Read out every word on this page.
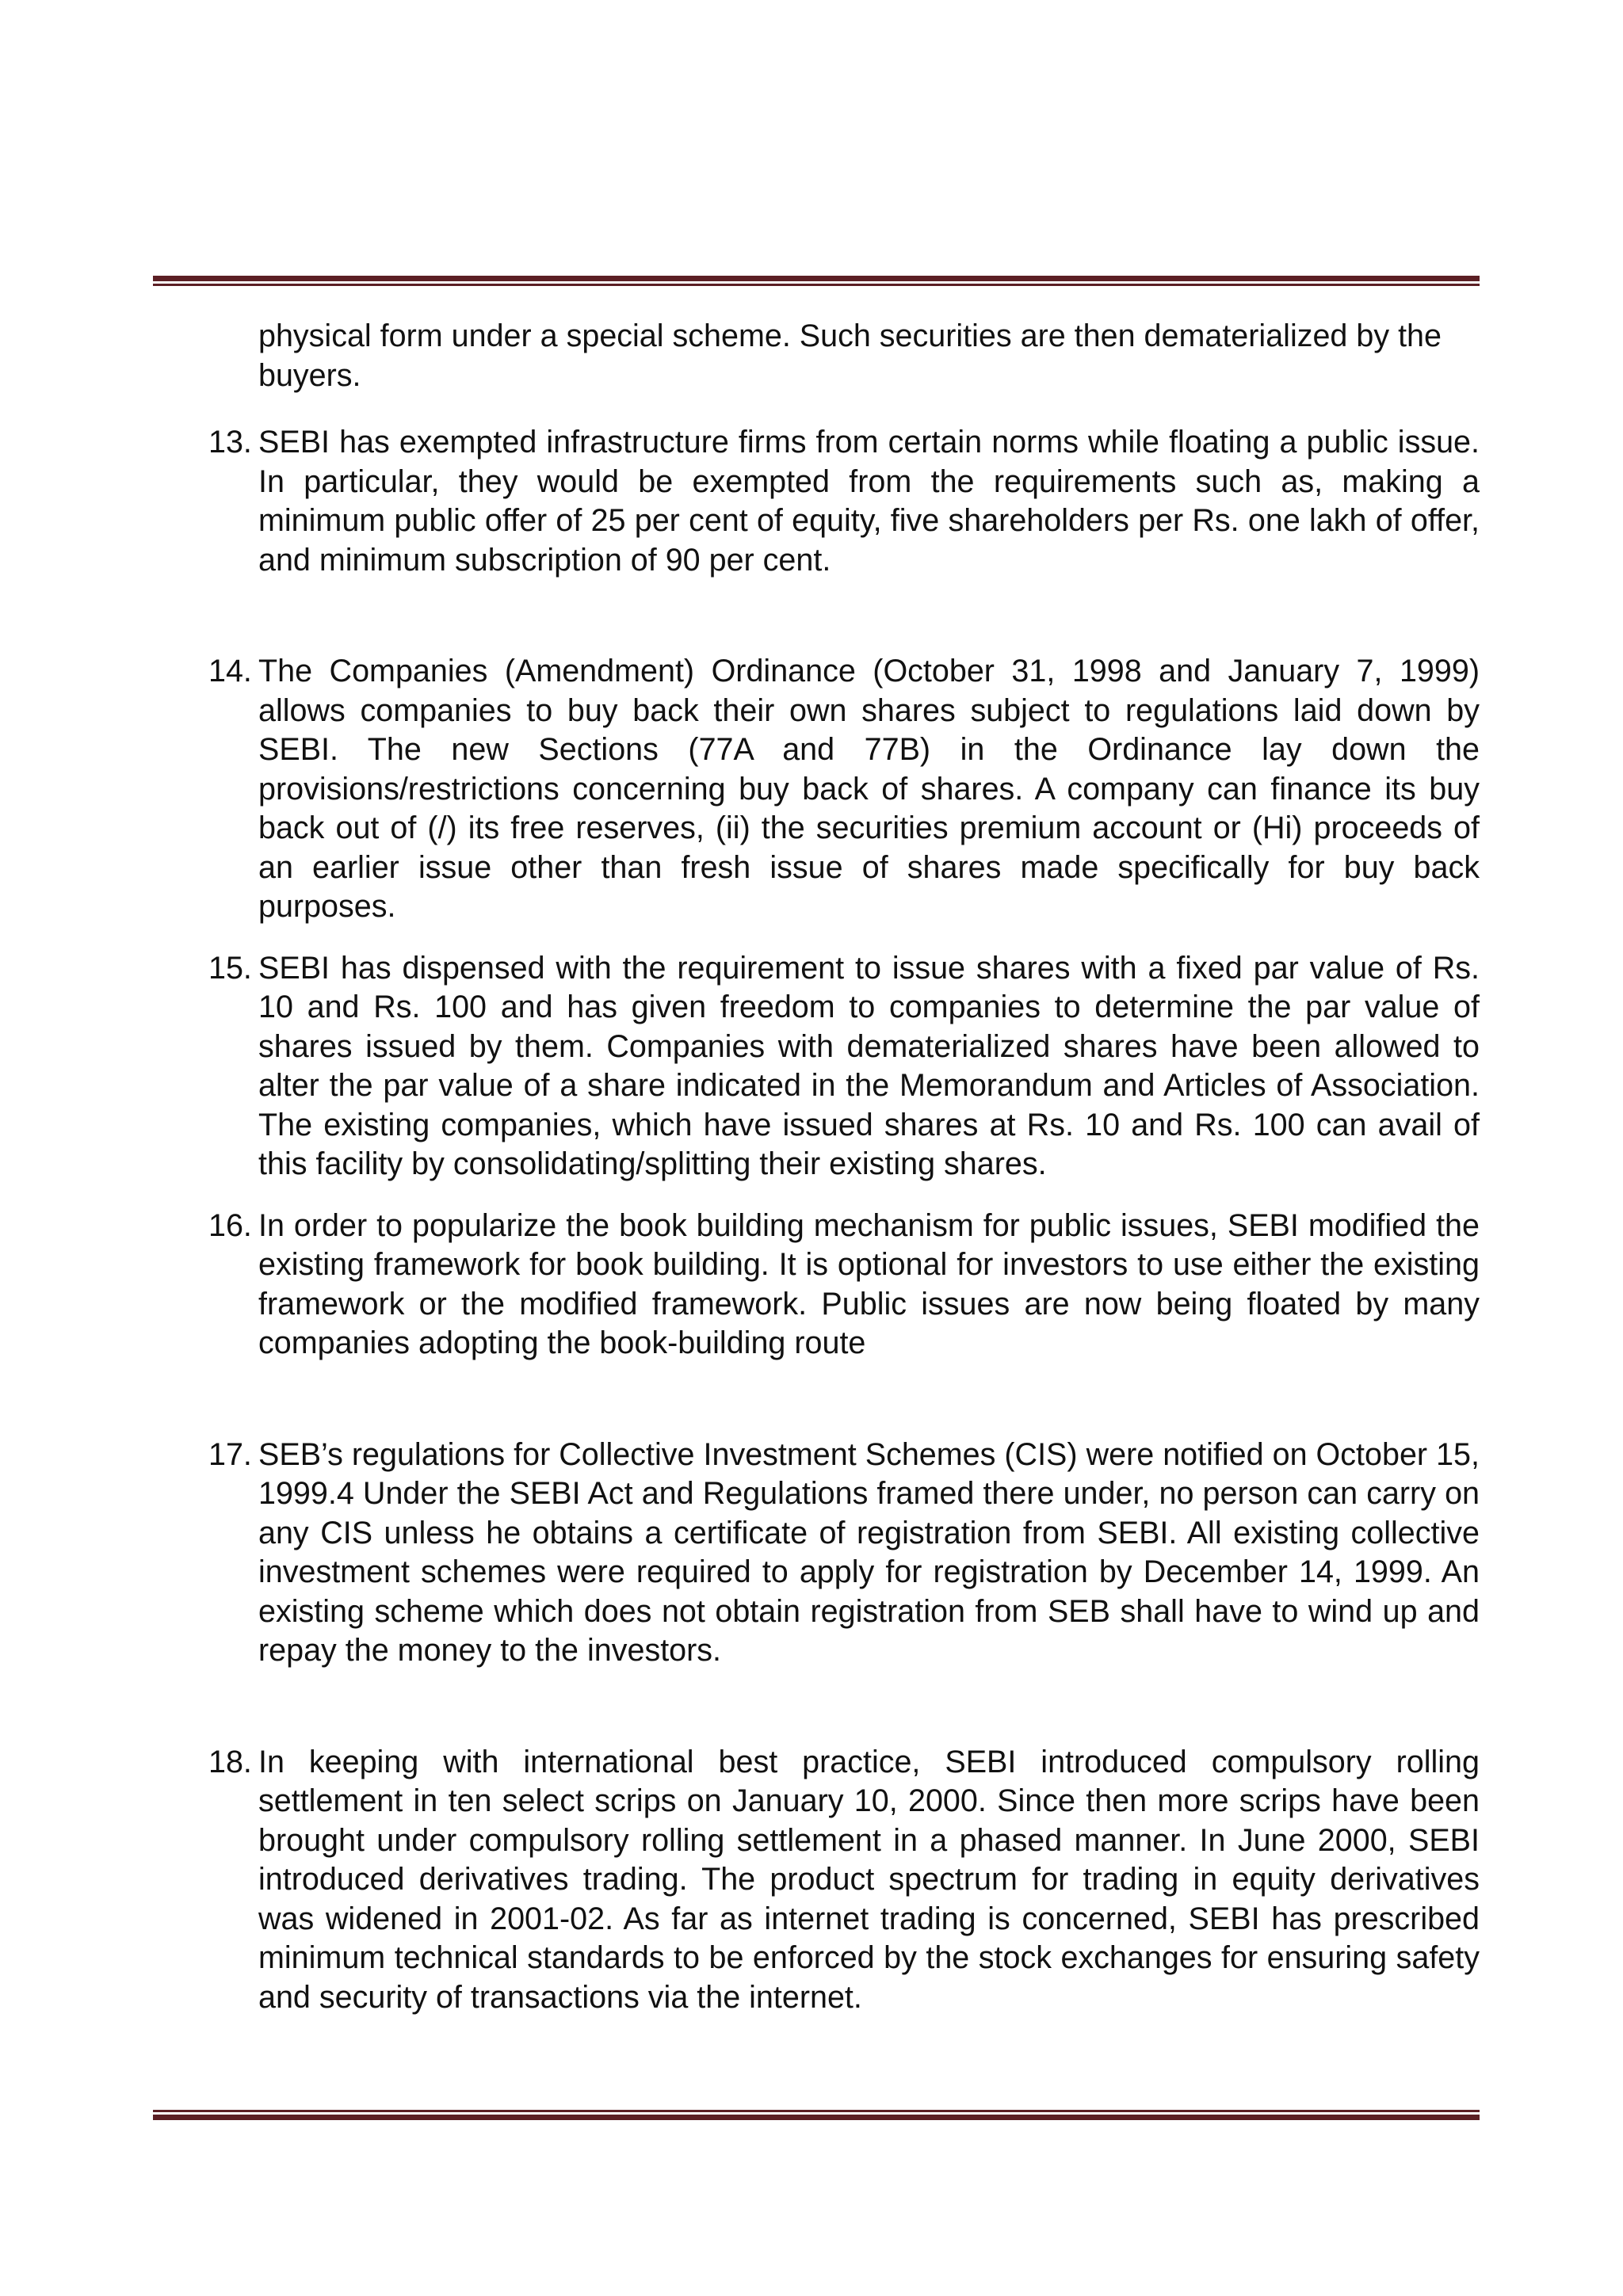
physical form under a special scheme. Such securities are then dematerialized by the buyers.
13. SEBI has exempted infrastructure firms from certain norms while floating a public issue. In particular, they would be exempted from the requirements such as, making a minimum public offer of 25 per cent of equity, five shareholders per Rs. one lakh of offer, and minimum subscription of 90 per cent.
14. The Companies (Amendment) Ordinance (October 31, 1998 and January 7, 1999) allows companies to buy back their own shares subject to regulations laid down by SEBI. The new Sections (77A and 77B) in the Ordinance lay down the provisions/restrictions concerning buy back of shares. A company can finance its buy back out of (/) its free reserves, (ii) the securities premium account or (Hi) proceeds of an earlier issue other than fresh issue of shares made specifically for buy back purposes.
15. SEBI has dispensed with the requirement to issue shares with a fixed par value of Rs. 10 and Rs. 100 and has given freedom to companies to determine the par value of shares issued by them. Companies with dematerialized shares have been allowed to alter the par value of a share indicated in the Memorandum and Articles of Association. The existing companies, which have issued shares at Rs. 10 and Rs. 100 can avail of this facility by consolidating/splitting their existing shares.
16. In order to popularize the book building mechanism for public issues, SEBI modified the existing framework for book building. It is optional for investors to use either the existing framework or the modified framework. Public issues are now being floated by many companies adopting the book-building route
17. SEB’s regulations for Collective Investment Schemes (CIS) were notified on October 15, 1999.4 Under the SEBI Act and Regulations framed there under, no person can carry on any CIS unless he obtains a certificate of registration from SEBI. All existing collective investment schemes were required to apply for registration by December 14, 1999. An existing scheme which does not obtain registration from SEB shall have to wind up and repay the money to the investors.
18. In keeping with international best practice, SEBI introduced compulsory rolling settlement in ten select scrips on January 10, 2000. Since then more scrips have been brought under compulsory rolling settlement in a phased manner. In June 2000, SEBI introduced derivatives trading. The product spectrum for trading in equity derivatives was widened in 2001-02. As far as internet trading is concerned, SEBI has prescribed minimum technical standards to be enforced by the stock exchanges for ensuring safety and security of transactions via the internet.
